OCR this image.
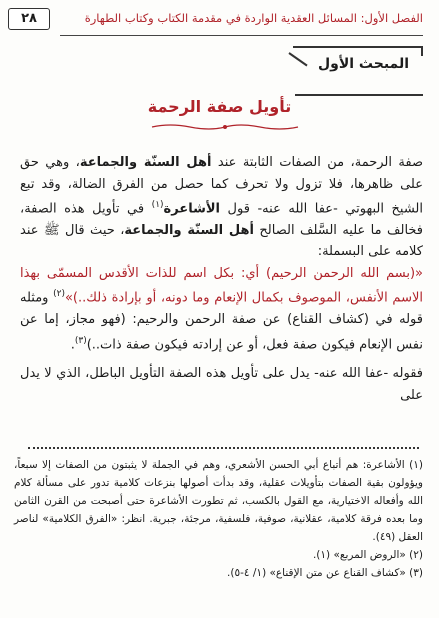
الفصل الأول: المسائل العقدية الواردة في مقدمة الكتاب وكتاب الطهارة
٢٨
المبحث الأول
تأويل صفة الرحمة

صفة الرحمة، من الصفات الثابتة عند أهل السنّة والجماعة، وهي حق على ظاهرها، فلا تزول ولا تحرف كما حصل من الفرق الضالة، وقد تبع الشيخ البهوتي -عفا الله عنه- قول الأشاعرة$^{(١)}$ في تأويل هذه الصفة، فخالف ما عليه السَّلف الصالح أهل السنّة والجماعة، حيث قال ﷺ عند كلامه على البسملة:

«(بسم الله الرحمن الرحيم) أي: بكل اسم للذات الأقدس المسمّى بهذا الاسم الأنفس، الموصوف بكمال الإنعام وما دونه، أو بإرادة ذلك..)»$^{(٢)}$ ومثله قوله في (كشاف القناع) عن صفة الرحمن والرحيم: (فهو مجاز، إما عن نفس الإنعام فيكون صفة فعل، أو عن إرادته فيكون صفة ذات..)$^{(٣)}$.

فقوله -عفا الله عنه- يدل على تأويل هذه الصفة التأويل الباطل، الذي لا يدل على

(١) الأشاعرة: هم أتباع أبي الحسن الأشعري، وهم في الجملة لا يثبتون من الصفات إلا سبعاً، ويؤولون بقية الصفات بتأويلات عقلية، وقد بدأت أصولها بنزعات كلامية تدور على مسألة كلام الله وأفعاله الاختيارية، مع القول بالكسب، ثم تطورت الأشاعرة حتى أصبحت من القرن الثامن وما بعده فرقة كلامية، عقلانية، صوفية، فلسفية، مرجئة، جبرية. انظر: «الفرق الكلامية» لناصر العقل (٤٩).

(٢) «الروض المربع» (١).

(٣) «كشاف القناع عن متن الإقناع» (١/ ٤-٥).
